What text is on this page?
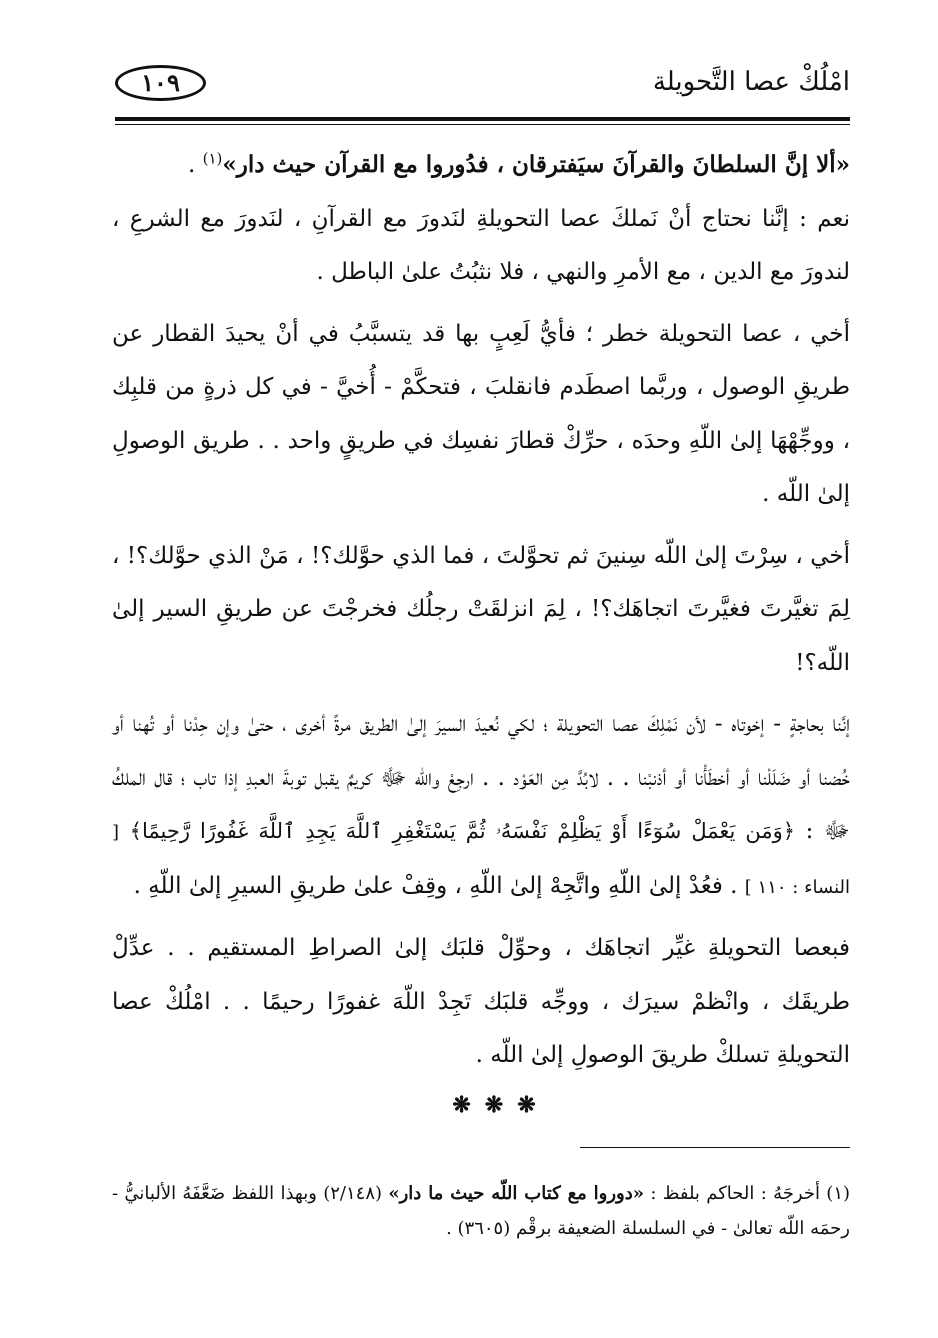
امْلُكْ عصا التَّحويلة
١٠٩

«ألا إنَّ السلطانَ والقرآنَ سيَفترقان ، فدُوروا مع القرآن حيث دار»$^{(١)}$ .

نعم : إنَّنا نحتاج أنْ نَملكَ عصا التحويلةِ لنَدورَ مع القرآنِ ، لنَدورَ مع الشرعِ ، لندورَ مع الدين ، مع الأمرِ والنهي ، فلا نثبُتُ علىٰ الباطل .

أخي ، عصا التحويلة خطر ؛ فأيُّ لَعِبٍ بها قد يتسبَّبُ في أنْ يحيدَ القطار عن طريقِ الوصول ، وربَّما اصطَدم فانقلبَ ، فتحكَّمْ - أُخيَّ - في كل ذرةٍ من قلبِك ، ووجِّهْهَا إلىٰ اللّهِ وحدَه ، حرِّكْ قطارَ نفسِك في طريقٍ واحد . . طريق الوصولِ إلىٰ اللّه .

أخي ، سِرْتَ إلىٰ اللّه سِنينَ ثم تحوَّلتَ ، فما الذي حوَّلك؟! ، مَنْ الذي حوَّلك؟! ، لِمَ تغيَّرتَ فغيَّرتَ اتجاهَك؟! ، لِمَ انزلقَتْ رجلُك فخرجْتَ عن طريقِ السير إلىٰ اللّه؟!

إنَّنا بحاجةٍ - إخوتاه - لأن نَمْلِكَ عصا التحويلة ؛ لكي نُعيدَ السيرَ إلىٰ الطريق مرةً أخرى ، حتىٰ وإن حِدْنا أو تُهنا أو خُضنا أو ضَلَلْنا أو أخطَأْنا أو أذنبْنا . . لابُدَّ مِن العَوْد . . ارجِعْ واللّه ﷻ كريمٌ يقبل توبةَ العبدِ إذا تاب ؛ قال الملكُ ﷻ : ﴿وَمَن يَعْمَلْ سُوٓءًا أَوْ يَظْلِمْ نَفْسَهُۥ ثُمَّ يَسْتَغْفِرِ ٱللَّهَ يَجِدِ ٱللَّهَ غَفُورًا رَّحِيمًا﴾ [ النساء : ١١٠ ] . فعُدْ إلىٰ اللّهِ واتَّجِهْ إلىٰ اللّهِ ، وقِفْ علىٰ طريقِ السيرِ إلىٰ اللّهِ .

فبعصا التحويلةِ غيِّر اتجاهَك ، وحوِّلْ قلبَك إلىٰ الصراطِ المستقيم . . عدِّلْ طريقَك ، وانْظمْ سيرَك ، ووجِّه قلبَك تَجِدْ اللّهَ غفورًا رحيمًا . . امْلُكْ عصا التحويلةِ تسلكْ طريقَ الوصولِ إلىٰ اللّه .

❋❋❋

(١) أخرجَهُ : الحاكم بلفظ : «دوروا مع كتاب اللّه حيث ما دار» (٢/١٤٨) وبهذا اللفظ ضَعَّفَهُ الألبانيُّ - رحمَه اللّه تعالىٰ - في السلسلة الضعيفة برقْم (٣٦٠٥) .
